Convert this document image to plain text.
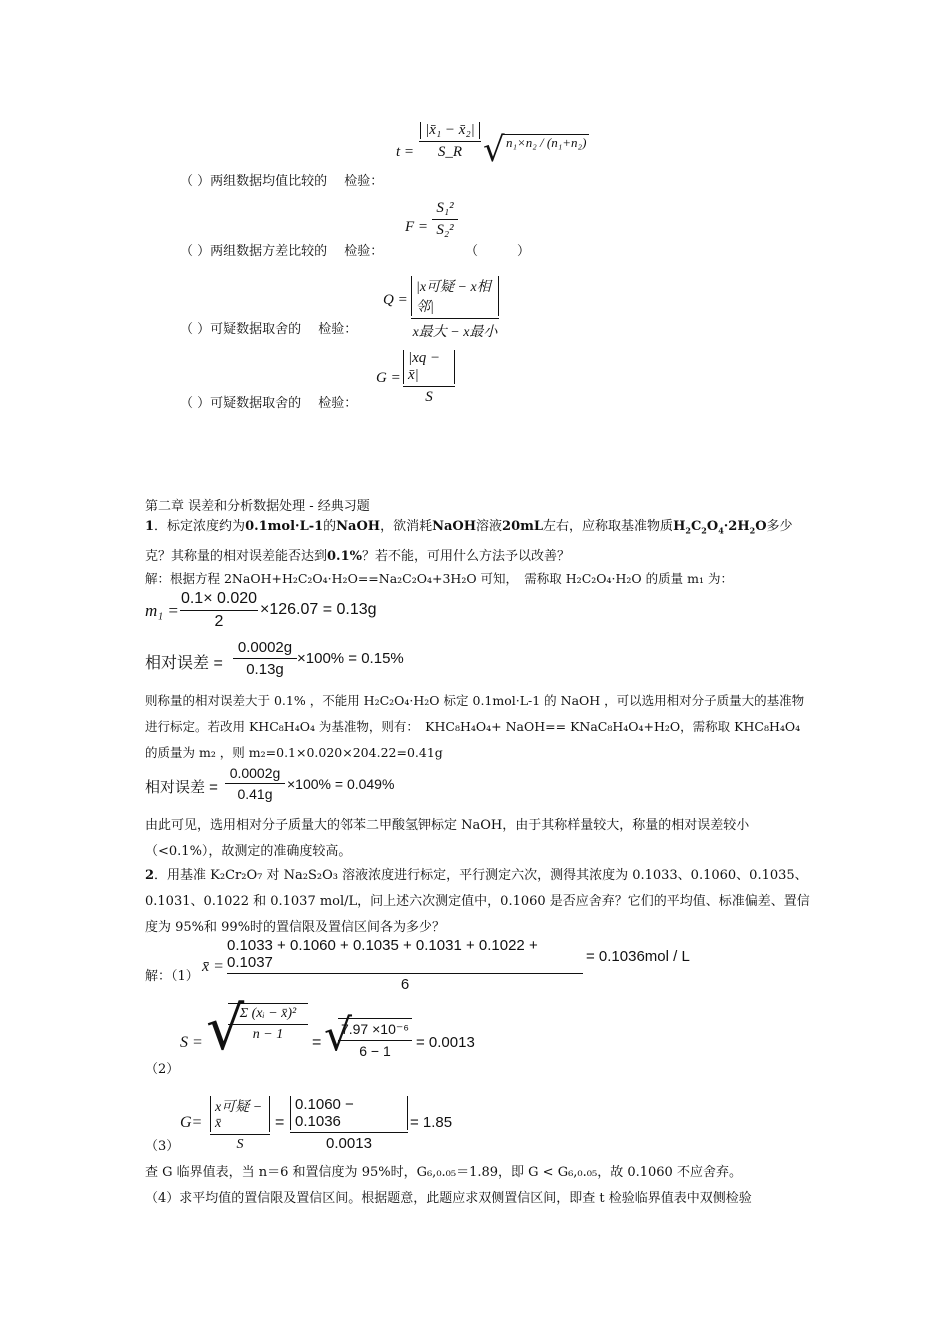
t =
|x̄₁ − x̄₂|
S_R √ n₁×n₂ / (n₁+n₂)
（ ）两组数据均值比较的　 检验：
F =
S₁²
S₂²
（ ）两组数据方差比较的　 检验：	（　　　）
Q =
|x可疑 − x相邻|
x最大 − x最小
（ ）可疑数据取舍的　 检验：
G =
|xq − x̄|
S
（ ）可疑数据取舍的　 检验：
第二章 误差和分析数据处理 - 经典习题
1．标定浓度约为0.1mol·L-1的NaOH，欲消耗NaOH溶液20mL左右，应称取基准物质$H_2C_2O_4\cdot 2H_2O$多少克？其称量的相对误差能否达到0.1%？若不能，可用什么方法予以改善？
解：根据方程 2NaOH+H₂C₂O₄·H₂O==Na₂C₂O₄+3H₂O 可知，　需称取 H₂C₂O₄·H₂O 的质量 m₁ 为：
m₁ =
0.1× 0.020
2
×126.07 = 0.13g
相对误差 =
0.0002g
0.13g
×100% = 0.15%
则称量的相对误差大于 0.1% ，不能用 H₂C₂O₄·H₂O 标定 0.1mol·L-1 的 NaOH ，可以选用相对分子质量大的基准物进行标定。若改用 KHC₈H₄O₄ 为基准物，则有：　KHC₈H₄O₄+ NaOH== KNaC₈H₄O₄+H₂O，需称取 KHC₈H₄O₄ 的质量为 m₂ ，则 m₂=0.1×0.020×204.22=0.41g
相对误差 =
0.0002g
0.41g
×100% = 0.049%
由此可见，选用相对分子质量大的邻苯二甲酸氢钾标定 NaOH，由于其称样量较大，称量的相对误差较小（<0.1%），故测定的准确度较高。
2．用基准 K₂Cr₂O₇ 对 Na₂S₂O₃ 溶液浓度进行标定，平行测定六次，测得其浓度为 0.1033、0.1060、0.1035、0.1031、0.1022 和 0.1037 mol/L，问上述六次测定值中，0.1060 是否应舍弃？它们的平均值、标准偏差、置信度为 95%和 99%时的置信限及置信区间各为多少？
解：（1）
x̄ =
0.1033 + 0.1060 + 0.1035 + 0.1031 + 0.1022 + 0.1037
6
= 0.1036mol / L
（2）
S = √
Σ (xᵢ − x̄)²
n − 1 = √
7.97 ×10⁻⁶
6 − 1 = 0.0013
（3）
G=
x可疑 − x̄
S
=
0.1060 − 0.1036
0.0013
= 1.85
查 G 临界值表，当 n＝6 和置信度为 95%时，G₆,₀.₀₅＝1.89，即 G < G₆,₀.₀₅，故 0.1060 不应舍弃。
（4）求平均值的置信限及置信区间。根据题意，此题应求双侧置信区间，即查 t 检验临界值表中双侧检验
